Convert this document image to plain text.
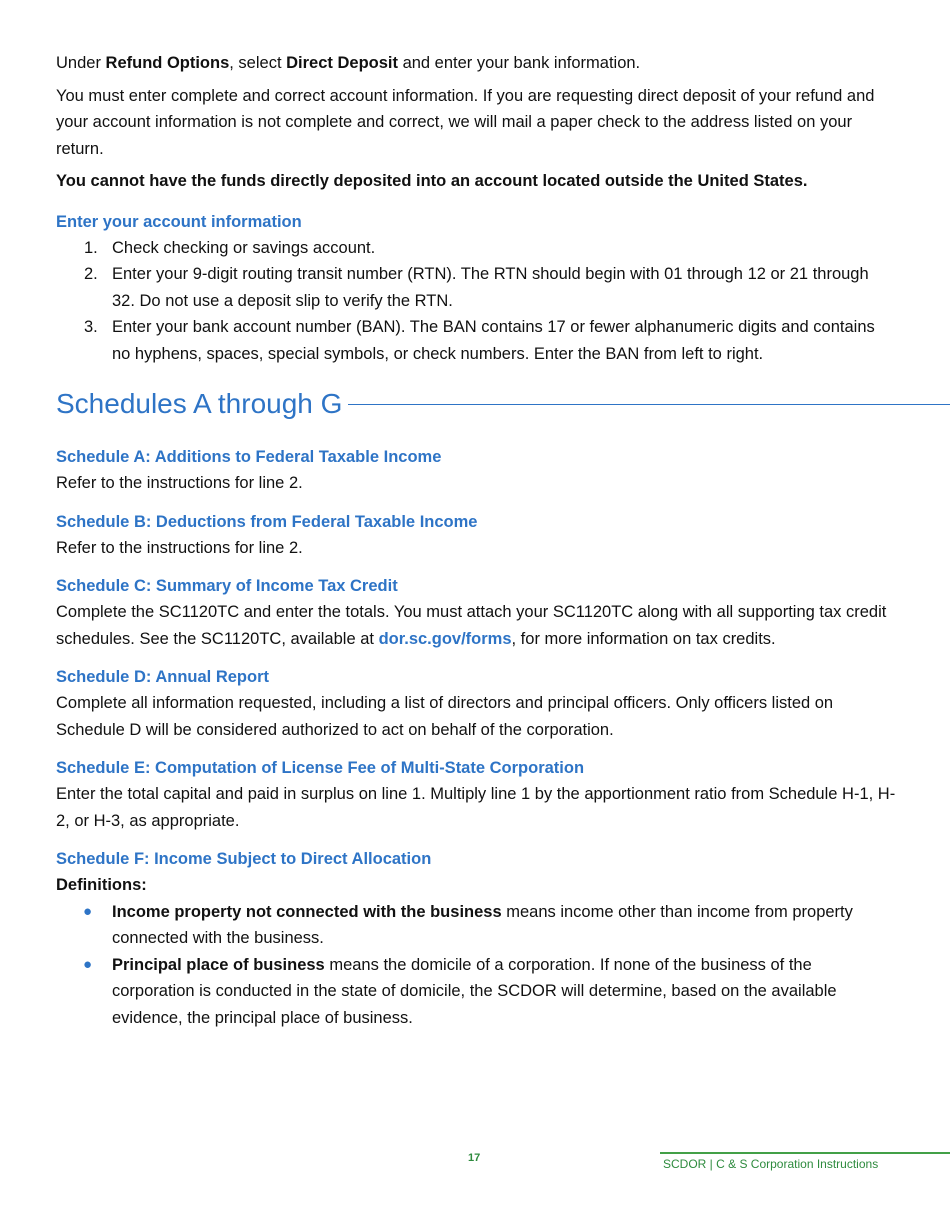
Under Refund Options, select Direct Deposit and enter your bank information.

You must enter complete and correct account information. If you are requesting direct deposit of your refund and your account information is not complete and correct, we will mail a paper check to the address listed on your return.

You cannot have the funds directly deposited into an account located outside the United States.

Enter your account information
1. Check checking or savings account.
2. Enter your 9-digit routing transit number (RTN). The RTN should begin with 01 through 12 or 21 through 32. Do not use a deposit slip to verify the RTN.
3. Enter your bank account number (BAN). The BAN contains 17 or fewer alphanumeric digits and contains no hyphens, spaces, special symbols, or check numbers. Enter the BAN from left to right.
Schedules A through G
Schedule A: Additions to Federal Taxable Income

Refer to the instructions for line 2.

Schedule B: Deductions from Federal Taxable Income

Refer to the instructions for line 2.

Schedule C: Summary of Income Tax Credit

Complete the SC1120TC and enter the totals. You must attach your SC1120TC along with all supporting tax credit schedules. See the SC1120TC, available at dor.sc.gov/forms, for more information on tax credits.

Schedule D: Annual Report

Complete all information requested, including a list of directors and principal officers. Only officers listed on Schedule D will be considered authorized to act on behalf of the corporation.

Schedule E: Computation of License Fee of Multi-State Corporation

Enter the total capital and paid in surplus on line 1. Multiply line 1 by the apportionment ratio from Schedule H-1, H-2, or H-3, as appropriate.

Schedule F: Income Subject to Direct Allocation

Definitions:

● Income property not connected with the business means income other than income from property connected with the business.
● Principal place of business means the domicile of a corporation. If none of the business of the corporation is conducted in the state of domicile, the SCDOR will determine, based on the available evidence, the principal place of business.
17	SCDOR | C & S Corporation Instructions
